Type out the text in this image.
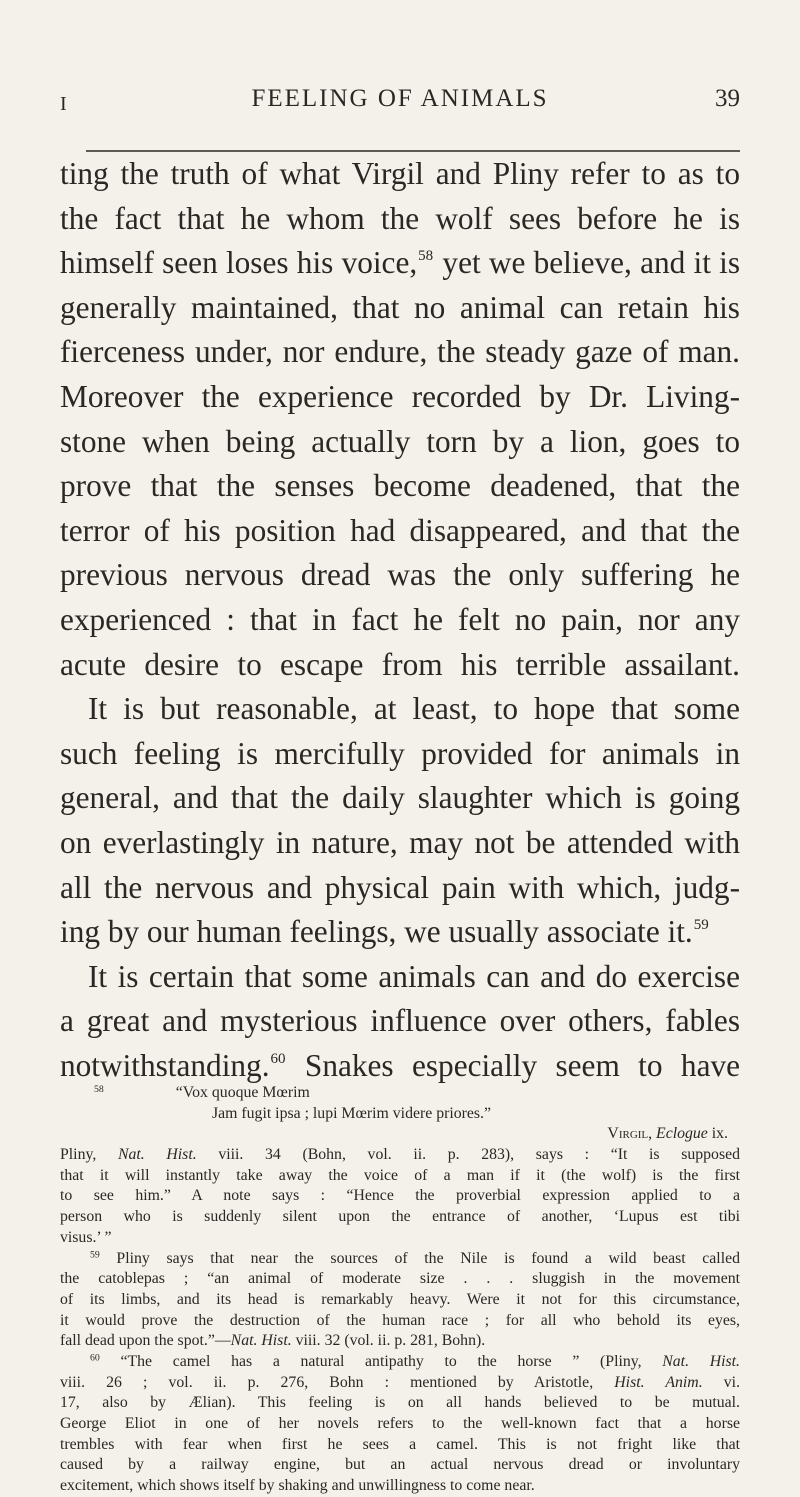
I	FEELING OF ANIMALS	39
ting the truth of what Virgil and Pliny refer to as to
the fact that he whom the wolf sees before he is
himself seen loses his voice,$^{58}$ yet we believe, and it is
generally maintained, that no animal can retain his
fierceness under, nor endure, the steady gaze of man.
Moreover the experience recorded by Dr. Living-
stone when being actually torn by a lion, goes to
prove that the senses become deadened, that the
terror of his position had disappeared, and that the
previous nervous dread was the only suffering he
experienced : that in fact he felt no pain, nor any
acute desire to escape from his terrible assailant.
It is but reasonable, at least, to hope that some
such feeling is mercifully provided for animals in
general, and that the daily slaughter which is going
on everlastingly in nature, may not be attended with
all the nervous and physical pain with which, judg-
ing by our human feelings, we usually associate it.$^{59}$
It is certain that some animals can and do exercise
a great and mysterious influence over others, fables
notwithstanding.$^{60}$ Snakes especially seem to have
$^{58}$	“Vox quoque Mœrim
Jam fugit ipsa ; lupi Mœrim videre priores.”
Virgil, Eclogue ix.
Pliny, Nat. Hist. viii. 34 (Bohn, vol. ii. p. 283), says : “It is supposed
that it will instantly take away the voice of a man if it (the wolf) is the first
to see him.” A note says : “Hence the proverbial expression applied to a
person who is suddenly silent upon the entrance of another, ‘Lupus est tibi
visus.’ ”
$^{59}$ Pliny says that near the sources of the Nile is found a wild beast called
the catoblepas ; “an animal of moderate size . . . sluggish in the movement
of its limbs, and its head is remarkably heavy. Were it not for this circumstance,
it would prove the destruction of the human race ; for all who behold its eyes,
fall dead upon the spot.”—Nat. Hist. viii. 32 (vol. ii. p. 281, Bohn).
$^{60}$ “The camel has a natural antipathy to the horse ” (Pliny, Nat. Hist.
viii. 26 ; vol. ii. p. 276, Bohn : mentioned by Aristotle, Hist. Anim. vi.
17, also by Ælian). This feeling is on all hands believed to be mutual.
George Eliot in one of her novels refers to the well-known fact that a horse
trembles with fear when first he sees a camel. This is not fright like that
caused by a railway engine, but an actual nervous dread or involuntary
excitement, which shows itself by shaking and unwillingness to come near.
